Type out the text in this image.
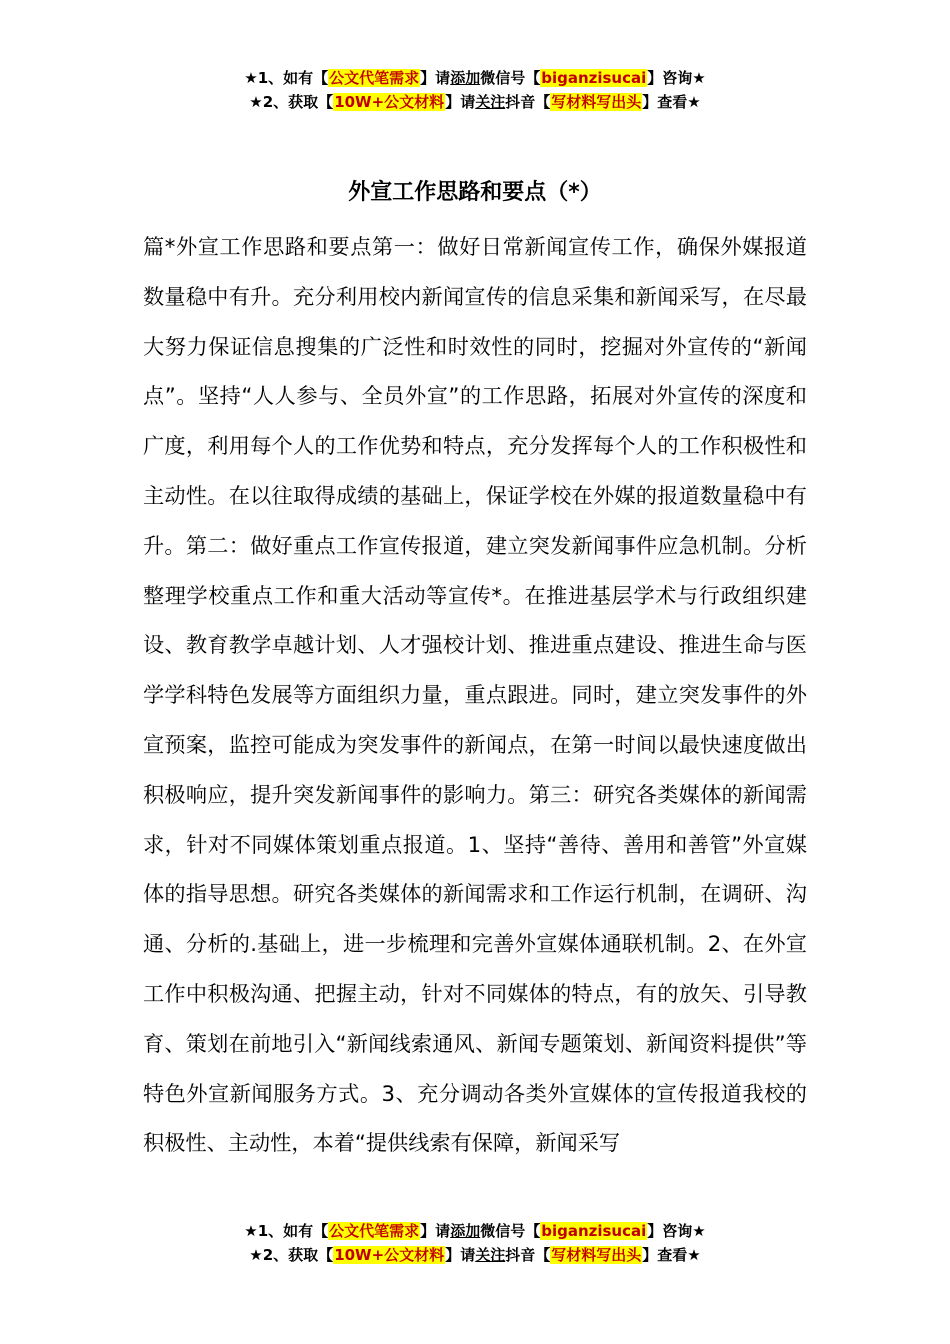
★1、如有【公文代笔需求】请添加微信号【biganzisucai】咨询★
★2、获取【10W+公文材料】请关注抖音【写材料写出头】查看★
外宣工作思路和要点（*）

篇*外宣工作思路和要点第一：做好日常新闻宣传工作，确保外媒报道数量稳中有升。充分利用校内新闻宣传的信息采集和新闻采写，在尽最大努力保证信息搜集的广泛性和时效性的同时，挖掘对外宣传的“新闻点”。坚持“人人参与、全员外宣”的工作思路，拓展对外宣传的深度和广度，利用每个人的工作优势和特点，充分发挥每个人的工作积极性和主动性。在以往取得成绩的基础上，保证学校在外媒的报道数量稳中有升。第二：做好重点工作宣传报道，建立突发新闻事件应急机制。分析整理学校重点工作和重大活动等宣传*。在推进基层学术与行政组织建设、教育教学卓越计划、人才强校计划、推进重点建设、推进生命与医学学科特色发展等方面组织力量，重点跟进。同时，建立突发事件的外宣预案，监控可能成为突发事件的新闻点，在第一时间以最快速度做出积极响应，提升突发新闻事件的影响力。第三：研究各类媒体的新闻需求，针对不同媒体策划重点报道。1、坚持“善待、善用和善管”外宣媒体的指导思想。研究各类媒体的新闻需求和工作运行机制，在调研、沟通、分析的.基础上，进一步梳理和完善外宣媒体通联机制。2、在外宣工作中积极沟通、把握主动，针对不同媒体的特点，有的放矢、引导教育、策划在前地引入“新闻线索通风、新闻专题策划、新闻资料提供”等特色外宣新闻服务方式。3、充分调动各类外宣媒体的宣传报道我校的积极性、主动性，本着“提供线索有保障，新闻采写

★1、如有【公文代笔需求】请添加微信号【biganzisucai】咨询★
★2、获取【10W+公文材料】请关注抖音【写材料写出头】查看★
